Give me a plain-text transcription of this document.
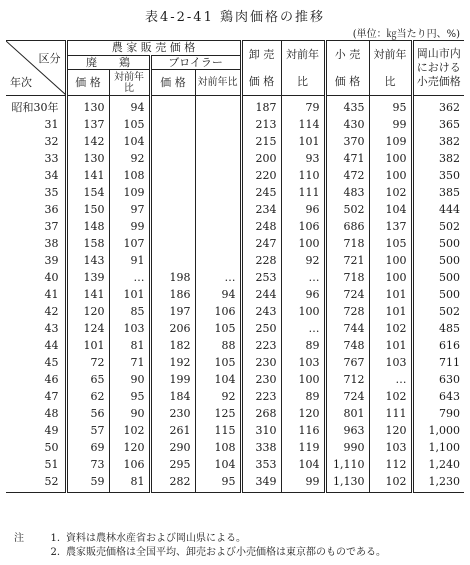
表4-2-41 鶏肉価格の推移
(単位：㎏当たり円、%)
区分
年次	農 家 販 売 価 格				卸 売	対前年	小 売	対前年	岡山市内における小売価格
	廃　　鶏		ブロイラー						
	価 格	対前年比	価 格	対前年比	価 格	比	価 格	比	
昭和30年	130	94			187	79	435	95	362
31	137	105			213	114	430	99	365
32	142	104			215	101	370	109	382
33	130	92			200	93	471	100	382
34	141	108			220	110	472	100	350
35	154	109			245	111	483	102	385
36	150	97			234	96	502	104	444
37	148	99			248	106	686	137	502
38	158	107			247	100	718	105	500
39	143	91			228	92	721	100	500
40	139	…	198	…	253	…	718	100	500
41	141	101	186	94	244	96	724	101	500
42	120	85	197	106	243	100	728	101	502
43	124	103	206	105	250	…	744	102	485
44	101	81	182	88	223	89	748	101	616
45	72	71	192	105	230	103	767	103	711
46	65	90	199	104	230	100	712	…	630
47	62	95	184	92	223	89	724	102	643
48	56	90	230	125	268	120	801	111	790
49	57	102	261	115	310	116	963	120	1,000
50	69	120	290	108	338	119	990	103	1,100
51	73	106	295	104	353	104	1,110	112	1,240
52	59	81	282	95	349	99	1,130	102	1,230
注	1. 資料は農林水産省および岡山県による。
2. 農家販売価格は全国平均、卸売および小売価格は東京都のものである。
